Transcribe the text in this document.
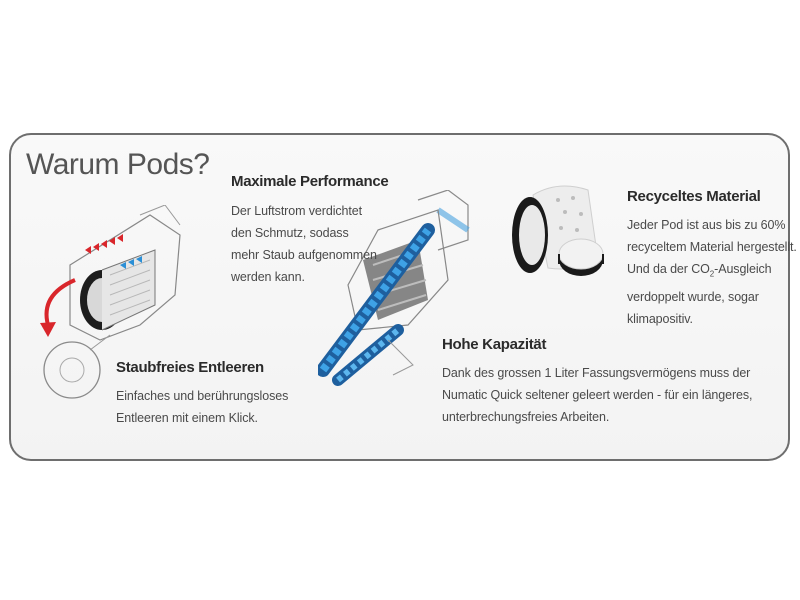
Warum Pods?
Maximale Performance
Der Luftstrom verdichtet
den Schmutz, sodass
mehr Staub aufgenommen
werden kann.
Recyceltes Material
Jeder Pod ist aus bis zu 60%
recyceltem Material hergestellt.
Und da der $CO_2$-Ausgleich
verdoppelt wurde, sogar
klimapositiv.
Staubfreies Entleeren
Einfaches und berührungsloses
Entleeren mit einem Klick.
Hohe Kapazität
Dank des grossen 1 Liter Fassungsvermögens muss der
Numatic Quick seltener geleert werden - für ein längeres,
unterbrechungsfreies Arbeiten.
